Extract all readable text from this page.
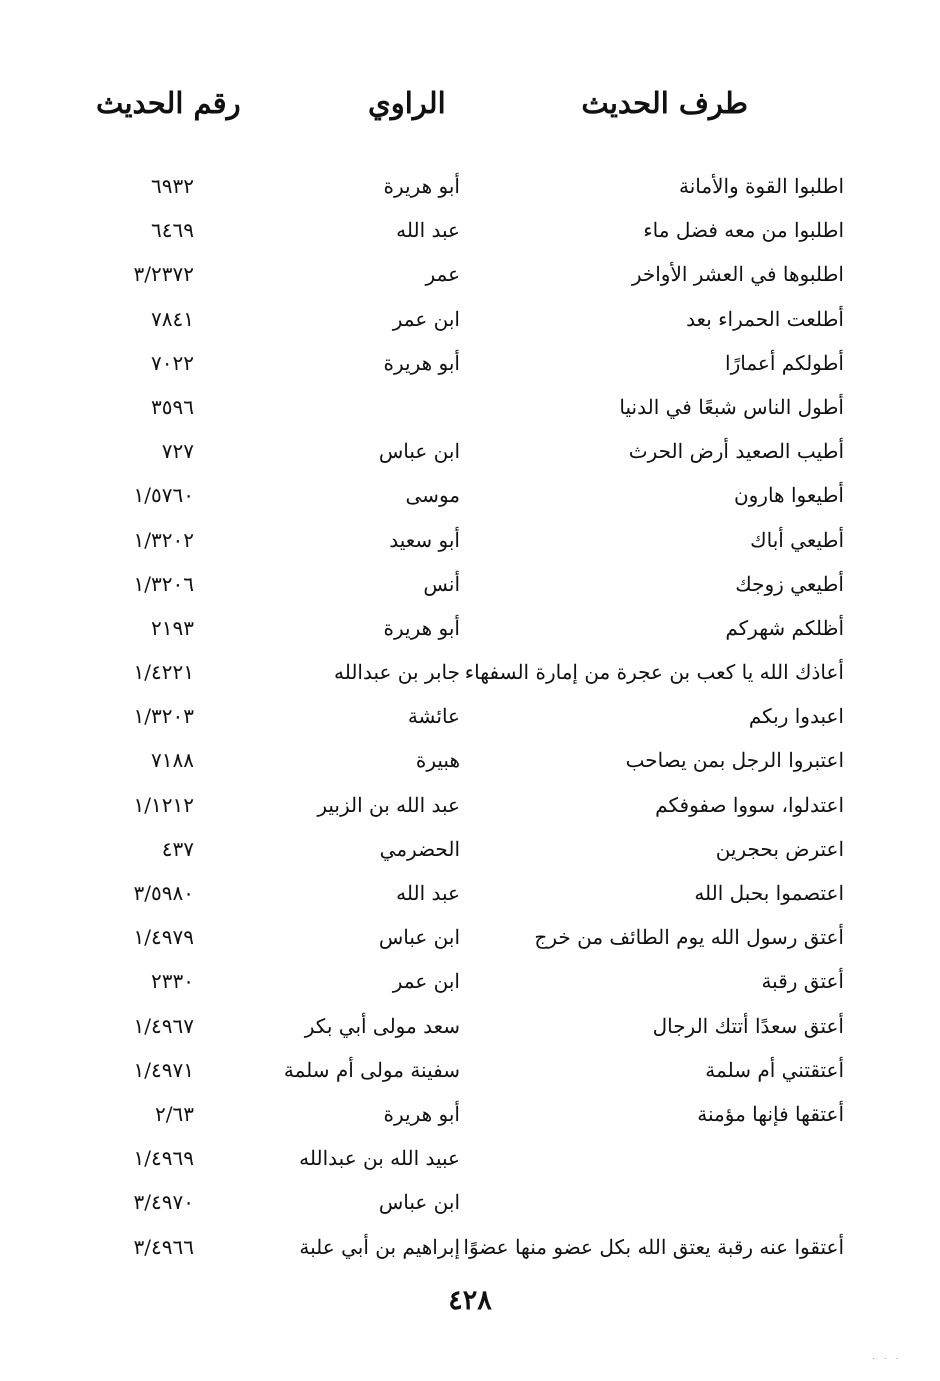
طرف الحديث
الراوي
رقم الحديث
اطلبوا القوة والأمانة
أبو هريرة
٦٩٣٢
اطلبوا من معه فضل ماء
عبد الله
٦٤٦٩
اطلبوها في العشر الأواخر
عمر
٣/٢٣٧٢
أطلعت الحمراء بعد
ابن عمر
٧٨٤١
أطولكم أعمارًا
أبو هريرة
٧٠٢٢
أطول الناس شبعًا في الدنيا
٣٥٩٦
أطيب الصعيد أرض الحرث
ابن عباس
٧٢٧
أطيعوا هارون
موسى
١/٥٧٦٠
أطيعي أباك
أبو سعيد
١/٣٢٠٢
أطيعي زوجك
أنس
١/٣٢٠٦
أظلكم شهركم
أبو هريرة
٢١٩٣
أعاذك الله يا كعب بن عجرة من إمارة السفهاء
جابر بن عبدالله
١/٤٢٢١
اعبدوا ربكم
عائشة
١/٣٢٠٣
اعتبروا الرجل بمن يصاحب
هبيرة
٧١٨٨
اعتدلوا، سووا صفوفكم
عبد الله بن الزبير
١/١٢١٢
اعترض بحجرين
الحضرمي
٤٣٧
اعتصموا بحبل الله
عبد الله
٣/٥٩٨٠
أعتق رسول الله يوم الطائف من خرج
ابن عباس
١/٤٩٧٩
أعتق رقبة
ابن عمر
٢٣٣٠
أعتق سعدًا أتتك الرجال
سعد مولى أبي بكر
١/٤٩٦٧
أعتقتني أم سلمة
سفينة مولى أم سلمة
١/٤٩٧١
أعتقها فإنها مؤمنة
أبو هريرة
٢/٦٣
عبيد الله بن عبدالله
١/٤٩٦٩
ابن عباس
٣/٤٩٧٠
أعتقوا عنه رقبة يعتق الله بكل عضو منها عضوًا
إبراهيم بن أبي علبة
٣/٤٩٦٦
٤٢٨
. . .
